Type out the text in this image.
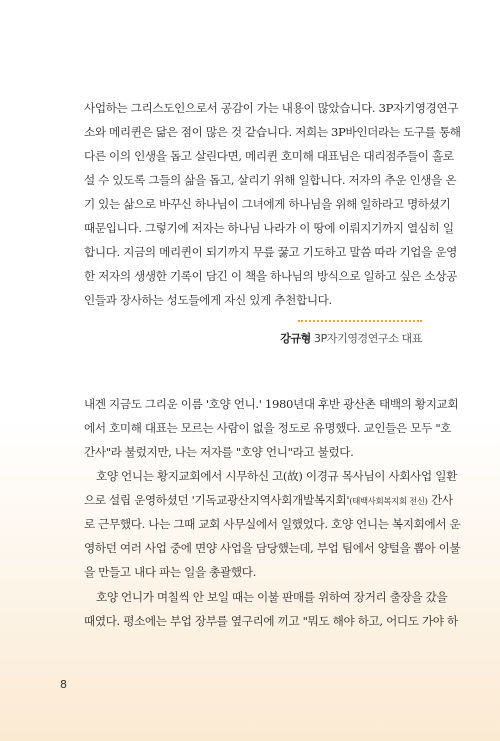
사업하는 그리스도인으로서 공감이 가는 내용이 많았습니다. 3P자기영경연구
소와 메리퀸은 닮은 점이 많은 것 같습니다. 저희는 3P바인더라는 도구를 통해
다른 이의 인생을 돕고 살린다면, 메리퀸 호미해 대표님은 대리점주들이 홀로
설 수 있도록 그들의 삶을 돕고, 살리기 위해 일합니다. 저자의 추운 인생을 온
기 있는 삶으로 바꾸신 하나님이 그녀에게 하나님을 위해 일하라고 명하셨기
때문입니다. 그렇기에 저자는 하나님 나라가 이 땅에 이뤄지기까지 열심히 일
합니다. 지금의 메리퀸이 되기까지 무릎 꿇고 기도하고 말씀 따라 기업을 운영
한 저자의 생생한 기록이 담긴 이 책을 하나님의 방식으로 일하고 싶은 소상공
인들과 장사하는 성도들에게 자신 있게 추천합니다.
강규형 3P자기영경연구소 대표
내겐 지금도 그리운 이름 '호양 언니.' 1980년대 후반 광산촌 태백의 황지교회
에서 호미해 대표는 모르는 사람이 없을 정도로 유명했다. 교인들은 모두 "호
간사"라 불렀지만, 나는 저자를 "호양 언니"라고 불렀다.
호양 언니는 황지교회에서 시무하신 고(故) 이경규 목사님이 사회사업 일환
으로 설립 운영하셨던 '기독교광산지역사회개발복지회'(태백사회복지회 전신) 간사
로 근무했다. 나는 그때 교회 사무실에서 일했었다. 호양 언니는 복지회에서 운
영하던 여러 사업 중에 면양 사업을 담당했는데, 부업 팀에서 양털을 뽑아 이불
을 만들고 내다 파는 일을 총괄했다.
호양 언니가 며칠씩 안 보일 때는 이불 판매를 위하여 장거리 출장을 갔을
때였다. 평소에는 부업 장부를 옆구리에 끼고 "뭐도 해야 하고, 어디도 가야 하
8
